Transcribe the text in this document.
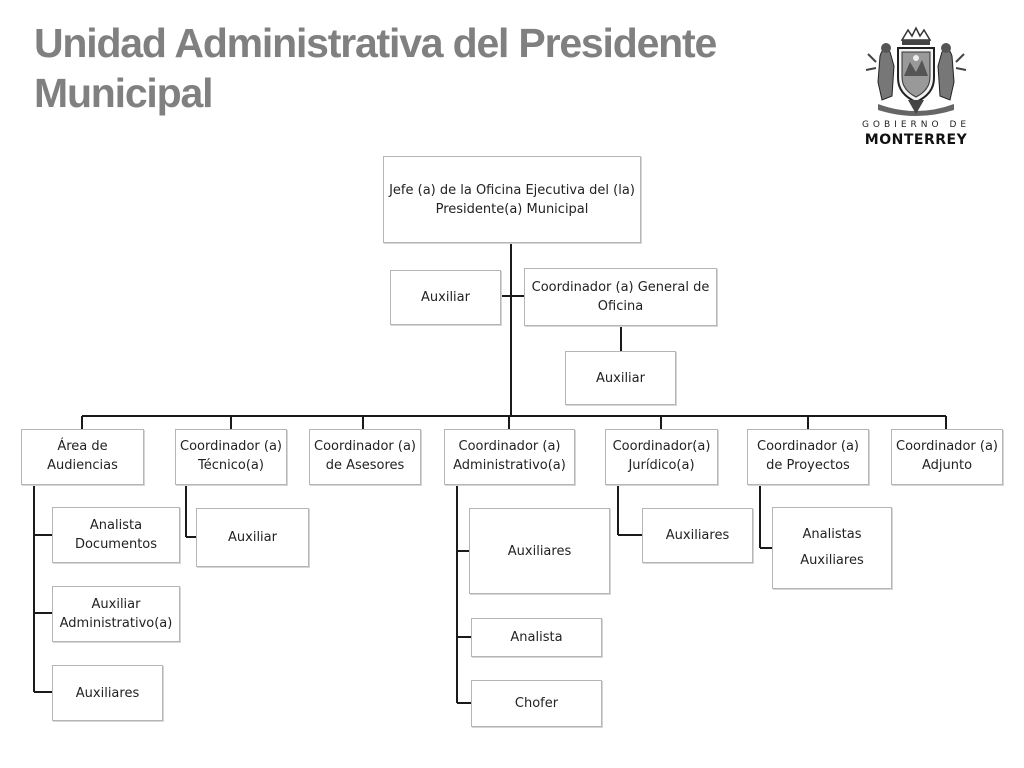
Unidad Administrativa del Presidente
Municipal
GOBIERNO DE
MONTERREY
Jefe (a) de la Oficina Ejecutiva del (la) Presidente(a) Municipal
Auxiliar
Coordinador (a) General de Oficina
Auxiliar
Área de Audiencias
Coordinador (a) Técnico(a)
Coordinador (a) de Asesores
Coordinador (a) Administrativo(a)
Coordinador(a) Jurídico(a)
Coordinador (a) de Proyectos
Coordinador (a) Adjunto
Analista Documentos
Auxiliar Administrativo(a)
Auxiliares
Auxiliar
Auxiliares
Analista
Chofer
Auxiliares	Analistas
Auxiliares
